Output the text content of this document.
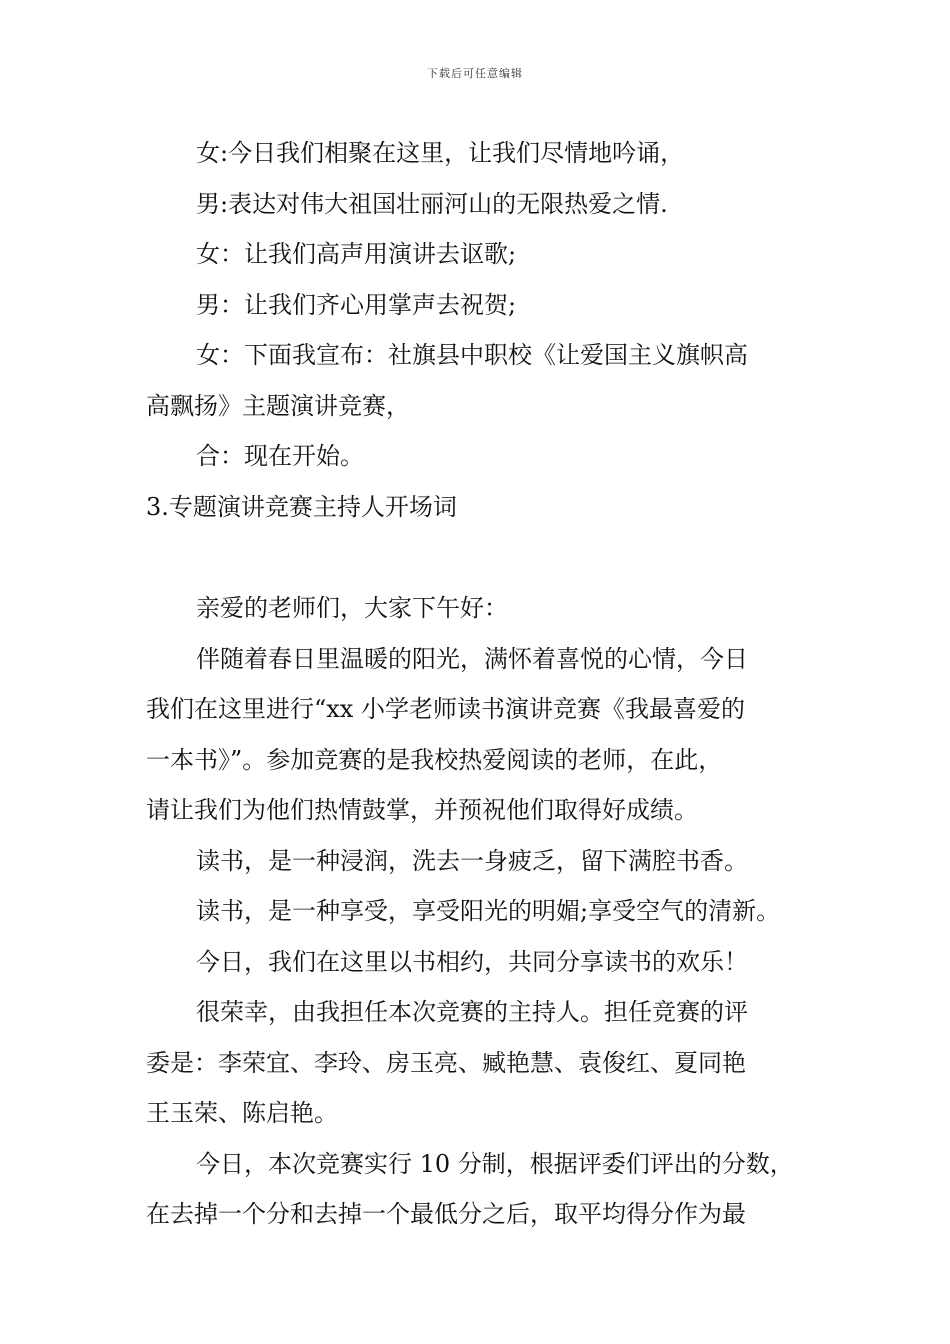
下载后可任意编辑

女:今日我们相聚在这里，让我们尽情地吟诵，

男:表达对伟大祖国壮丽河山的无限热爱之情.

女：让我们高声用演讲去讴歌;

男：让我们齐心用掌声去祝贺;

女：下面我宣布：社旗县中职校《让爱国主义旗帜高

高飘扬》主题演讲竞赛，

合：现在开始。

3.专题演讲竞赛主持人开场词

亲爱的老师们，大家下午好：

伴随着春日里温暖的阳光，满怀着喜悦的心情，今日

我们在这里进行“xx 小学老师读书演讲竞赛《我最喜爱的

一本书》”。参加竞赛的是我校热爱阅读的老师，在此，

请让我们为他们热情鼓掌，并预祝他们取得好成绩。

读书，是一种浸润，洗去一身疲乏，留下满腔书香。

读书，是一种享受，享受阳光的明媚;享受空气的清新。

今日，我们在这里以书相约，共同分享读书的欢乐！

很荣幸，由我担任本次竞赛的主持人。担任竞赛的评

委是：李荣宜、李玲、房玉亮、臧艳慧、袁俊红、夏同艳

王玉荣、陈启艳。

今日，本次竞赛实行 10 分制，根据评委们评出的分数，

在去掉一个分和去掉一个最低分之后，取平均得分作为最
